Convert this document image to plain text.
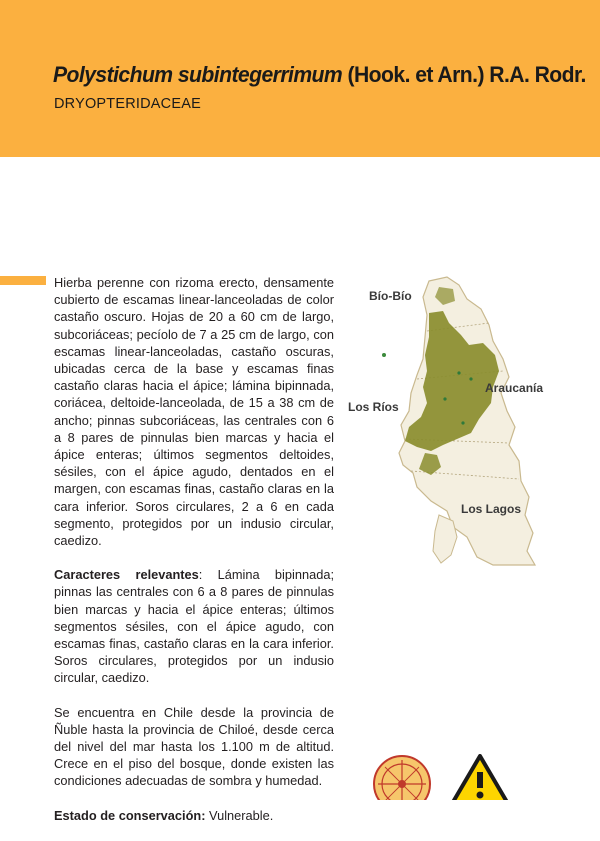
Polystichum subintegerrimum (Hook. et Arn.) R.A. Rodr.
DRYOPTERIDACEAE

Hierba perenne con rizoma erecto, densamente cubierto de escamas linear-lanceoladas de color castaño oscuro. Hojas de 20 a 60 cm de largo, subcoriáceas; pecíolo de 7 a 25 cm de largo, con escamas linear-lanceoladas, castaño oscuras, ubicadas cerca de la base y escamas finas castaño claras hacia el ápice; lámina bipinnada, coriácea, deltoide-lanceolada, de 15 a 38 cm de ancho; pinnas subcoriáceas, las centrales con 6 a 8 pares de pinnulas bien marcas y hacia el ápice enteras; últimos segmentos deltoides, sésiles, con el ápice agudo, dentados en el margen, con escamas finas, castaño claras en la cara inferior. Soros circulares, 2 a 6 en cada segmento, protegidos por un indusio circular, caedizo.

Caracteres relevantes: Lámina bipinnada; pinnas las centrales con 6 a 8 pares de pinnulas bien marcas y hacia el ápice enteras; últimos segmentos sésiles, con el ápice agudo, con escamas finas, castaño claras en la cara inferior. Soros circulares, protegidos por un indusio circular, caedizo.

Se encuentra en Chile desde la provincia de Ñuble hasta la provincia de Chiloé, desde cerca del nivel del mar hasta los 1.100 m de altitud. Crece en el piso del bosque, donde existen las condiciones adecuadas de sombra y humedad.

Estado de conservación: Vulnerable.

Bío-Bío
Araucanía
Los Ríos
Los Lagos
